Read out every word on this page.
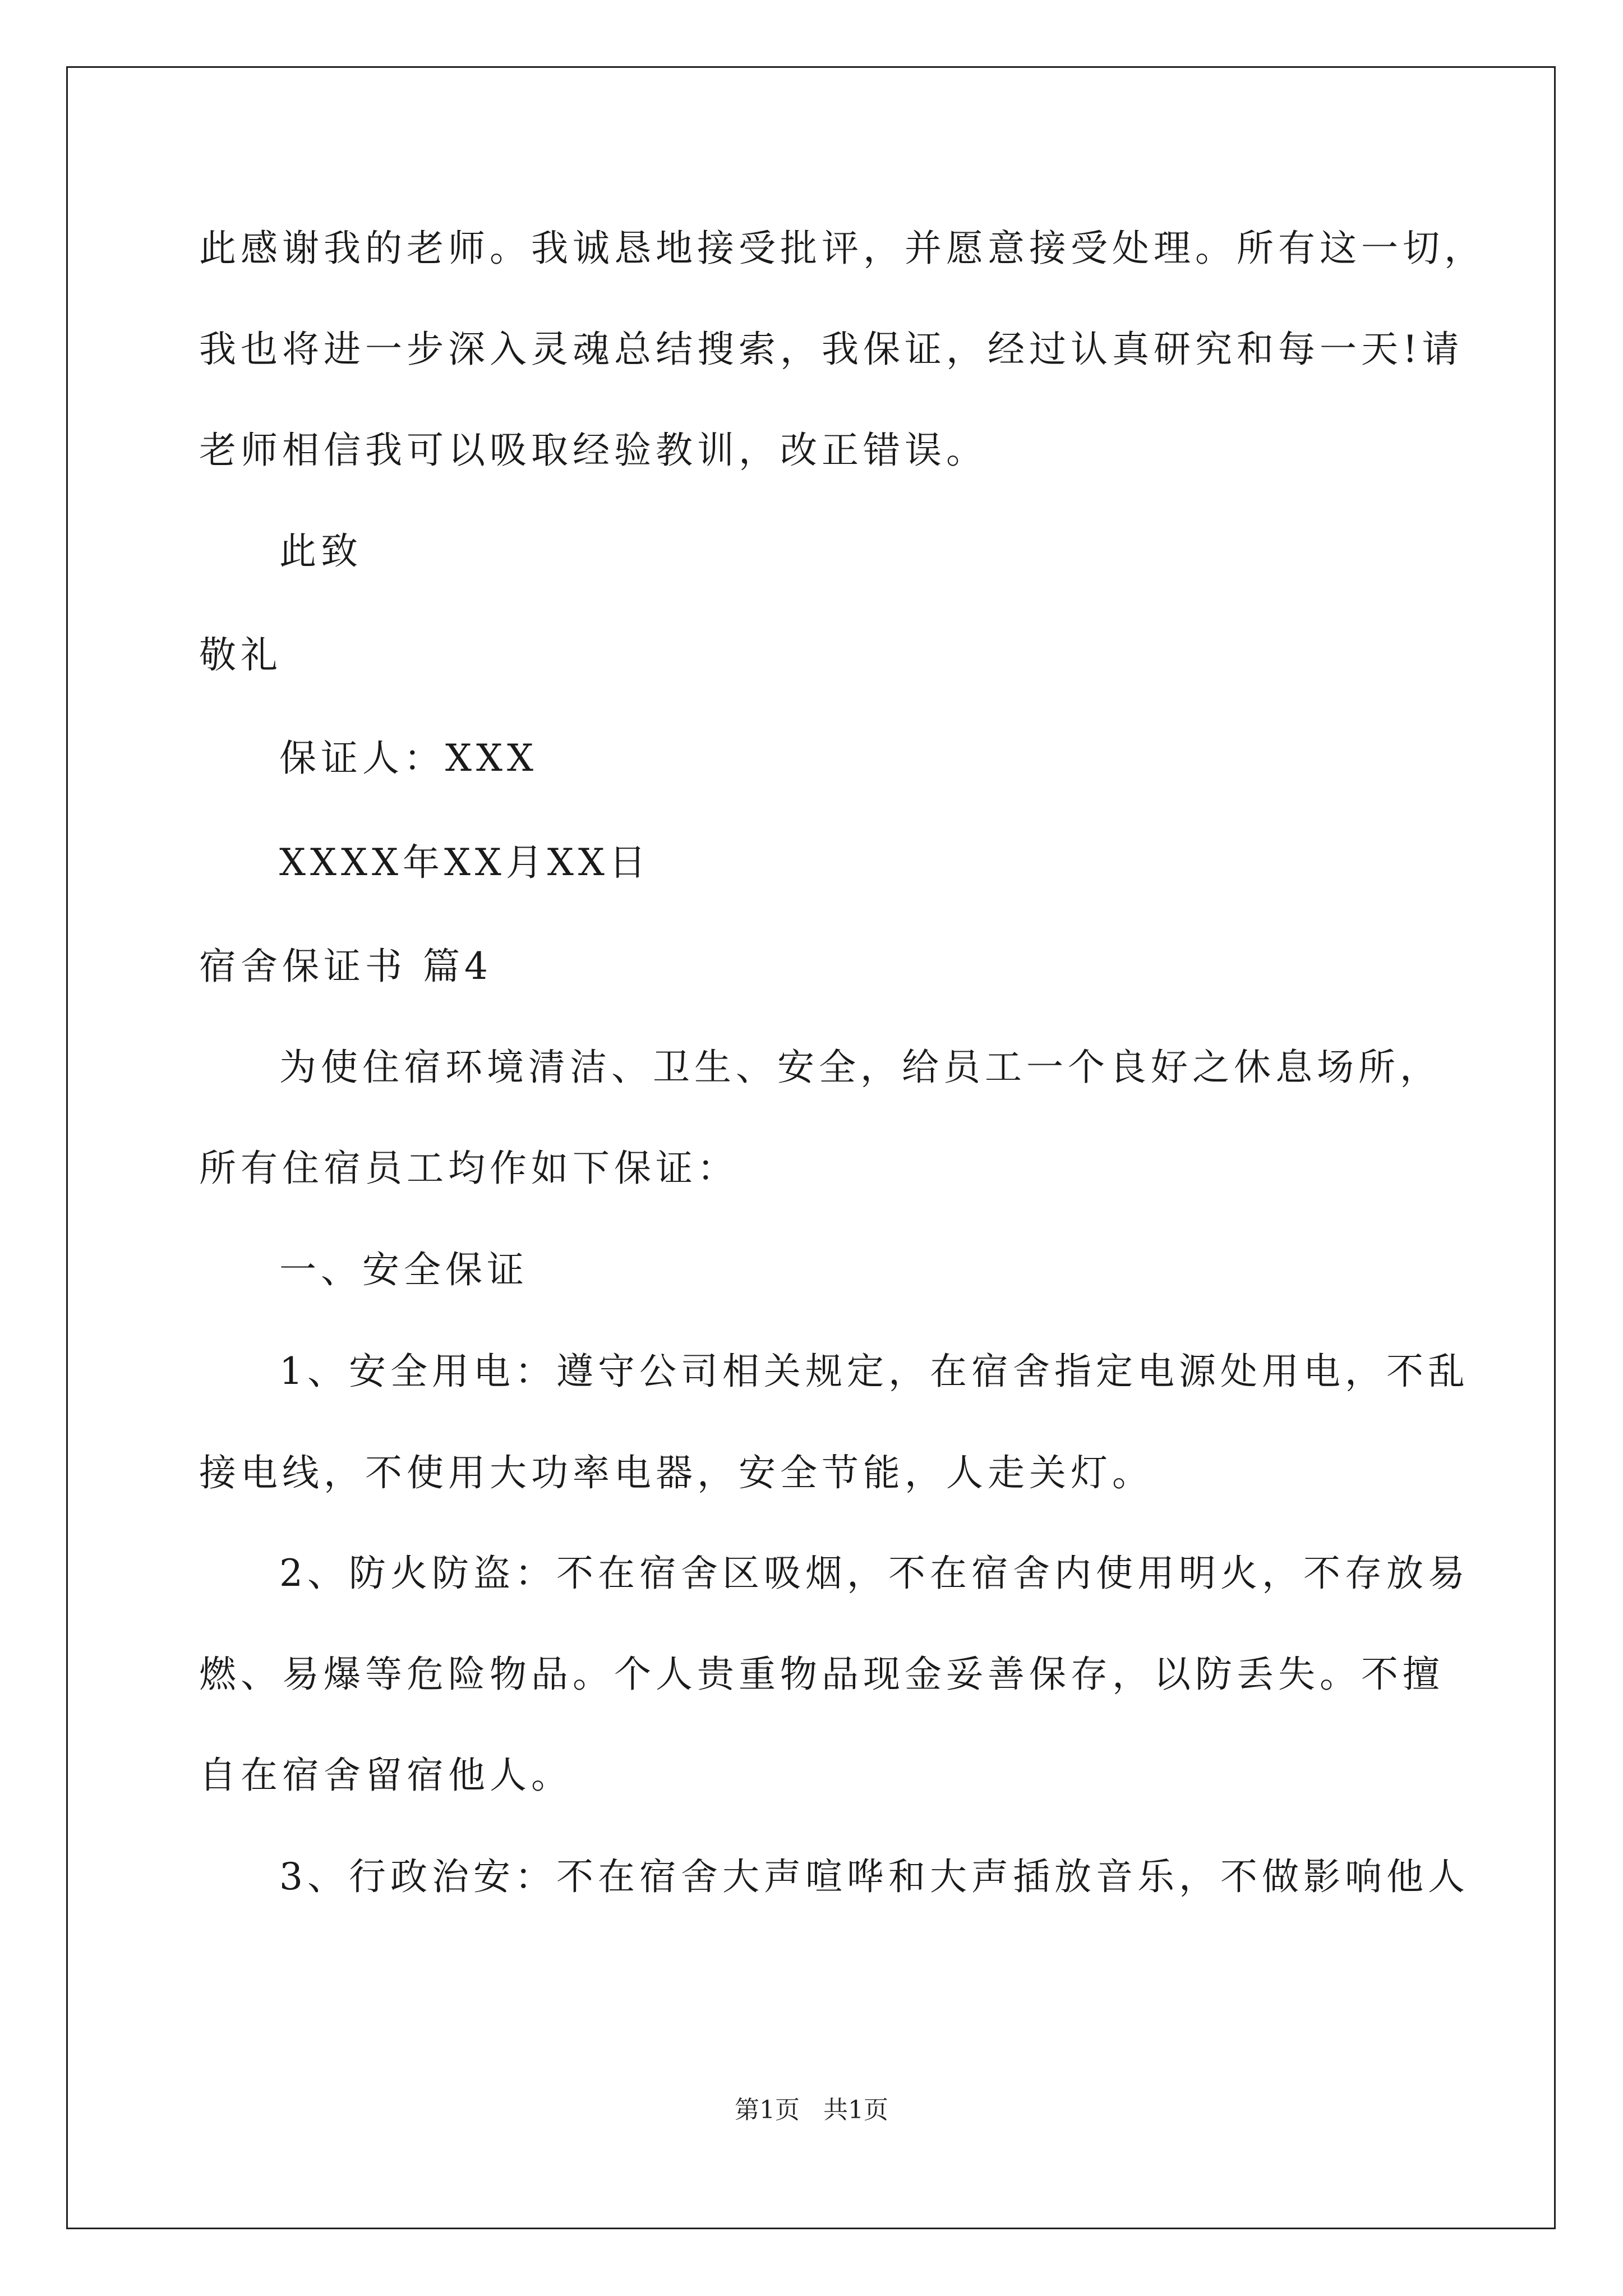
此感谢我的老师。我诚恳地接受批评，并愿意接受处理。所有这一切，
我也将进一步深入灵魂总结搜索，我保证，经过认真研究和每一天!请
老师相信我可以吸取经验教训，改正错误。
此致
敬礼
保证人：XXX
XXXX年XX月XX日
宿舍保证书 篇4
为使住宿环境清洁、卫生、安全，给员工一个良好之休息场所，
所有住宿员工均作如下保证：
一、安全保证
1、安全用电：遵守公司相关规定，在宿舍指定电源处用电，不乱
接电线，不使用大功率电器，安全节能，人走关灯。
2、防火防盗：不在宿舍区吸烟，不在宿舍内使用明火，不存放易
燃、易爆等危险物品。个人贵重物品现金妥善保存，以防丢失。不擅
自在宿舍留宿他人。
3、行政治安：不在宿舍大声喧哗和大声插放音乐，不做影响他人
第1页   共1页
